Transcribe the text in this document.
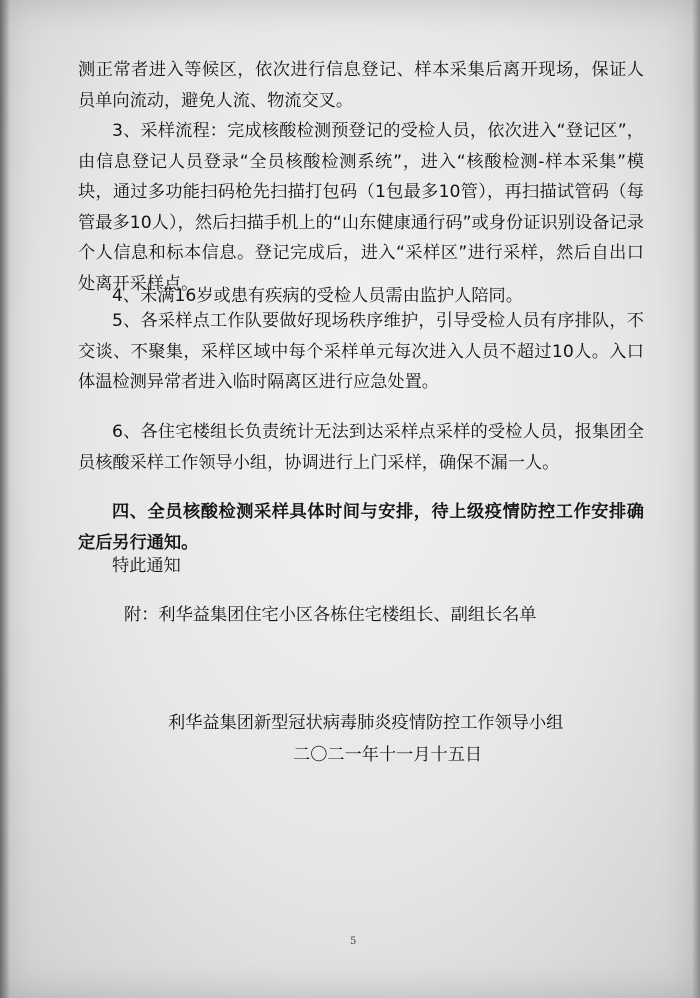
测正常者进入等候区，依次进行信息登记、样本采集后离开现场，保证人员单向流动，避免人流、物流交叉。

3、采样流程：完成核酸检测预登记的受检人员，依次进入“登记区”，由信息登记人员登录“全员核酸检测系统”，进入“核酸检测-样本采集”模块，通过多功能扫码枪先扫描打包码（1包最多10管），再扫描试管码（每管最多10人），然后扫描手机上的“山东健康通行码”或身份证识别设备记录个人信息和标本信息。登记完成后，进入“采样区”进行采样，然后自出口处离开采样点。

4、未满16岁或患有疾病的受检人员需由监护人陪同。

5、各采样点工作队要做好现场秩序维护，引导受检人员有序排队，不交谈、不聚集，采样区域中每个采样单元每次进入人员不超过10人。入口体温检测异常者进入临时隔离区进行应急处置。

6、各住宅楼组长负责统计无法到达采样点采样的受检人员，报集团全员核酸采样工作领导小组，协调进行上门采样，确保不漏一人。

四、全员核酸检测采样具体时间与安排，待上级疫情防控工作安排确定后另行通知。

特此通知
附：利华益集团住宅小区各栋住宅楼组长、副组长名单
利华益集团新型冠状病毒肺炎疫情防控工作领导小组
二〇二一年十一月十五日
5
